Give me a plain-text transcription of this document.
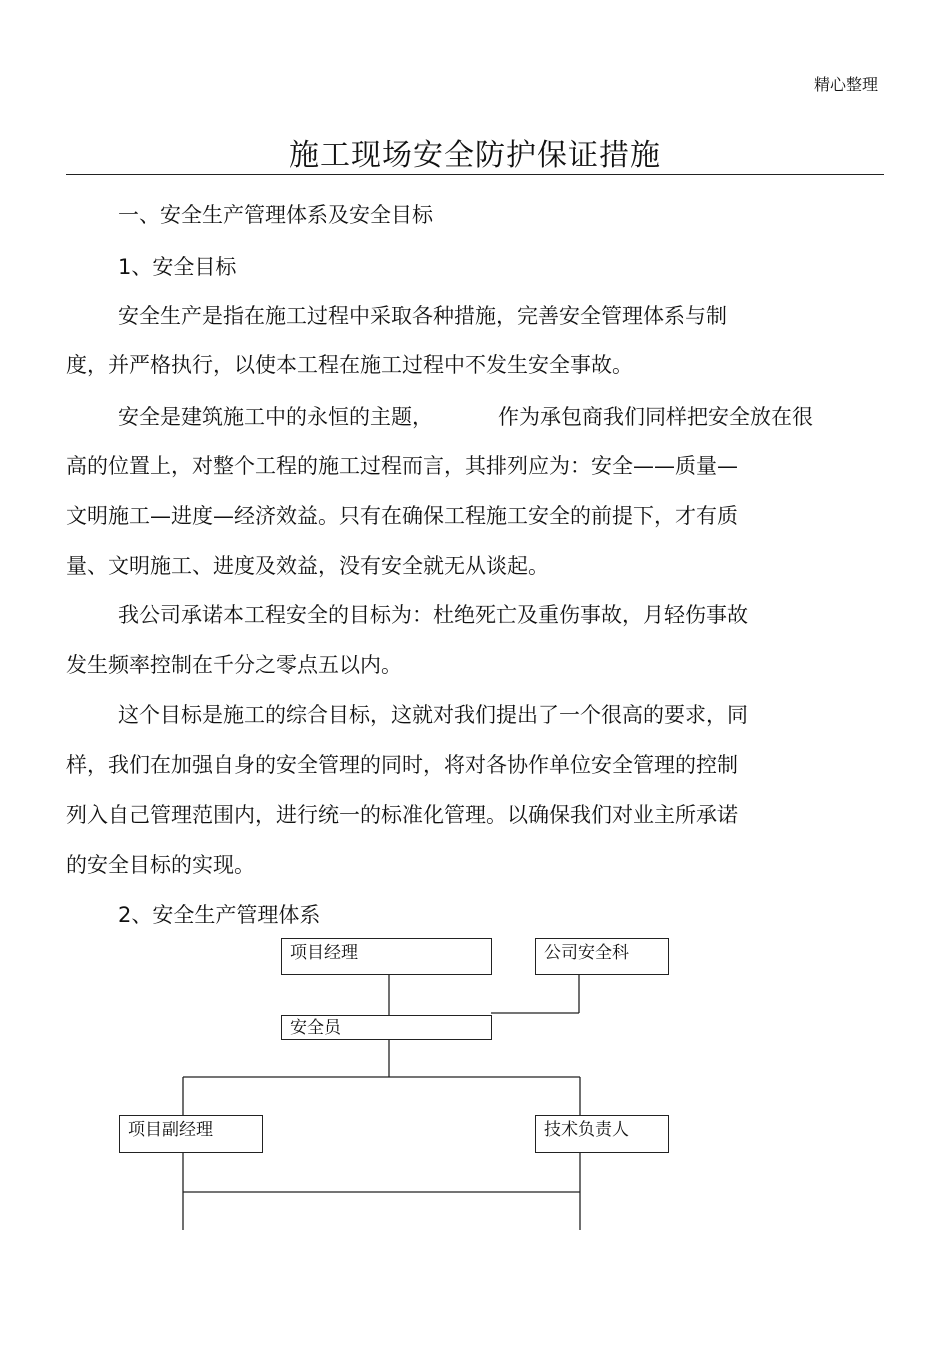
精心整理
施工现场安全防护保证措施
一、安全生产管理体系及安全目标
1、安全目标
安全生产是指在施工过程中采取各种措施，完善安全管理体系与制
度，并严格执行，以使本工程在施工过程中不发生安全事故。
安全是建筑施工中的永恒的主题，	作为承包商我们同样把安全放在很
高的位置上，对整个工程的施工过程而言，其排列应为：安全——质量—
文明施工—进度—经济效益。只有在确保工程施工安全的前提下，才有质
量、文明施工、进度及效益，没有安全就无从谈起。
我公司承诺本工程安全的目标为：杜绝死亡及重伤事故，月轻伤事故
发生频率控制在千分之零点五以内。
这个目标是施工的综合目标，这就对我们提出了一个很高的要求，同
样，我们在加强自身的安全管理的同时，将对各协作单位安全管理的控制
列入自己管理范围内，进行统一的标准化管理。以确保我们对业主所承诺
的安全目标的实现。
2、安全生产管理体系
项目经理	公司安全科
安全员
项目副经理	技术负责人
